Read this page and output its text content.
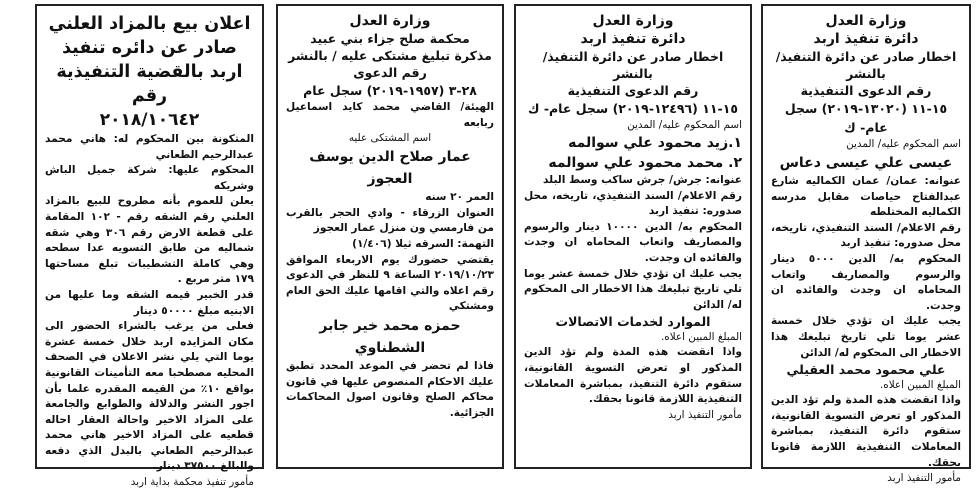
وزارة العدل
دائرة تنفيذ اربد
اخطار صادر عن دائرة التنفيذ/بالنشر
رقم الدعوى التنفيذية
١٥-١١ (١٣٠٢٠-٢٠١٩) سجل عام- ك
اسم المحكوم عليه/ المدين
عيسى علي عيسى دعاس
عنوانه: عمان/ عمان الكماليه شارع عبدالفتاح حياصات مقابل مدرسه الكماليه المختلطه
رقم الاعلام/ السند التنفيذي، تاريخه، محل صدوره: تنفيذ اربد
المحكوم به/ الدين ٥٠٠٠ دينار والرسوم والمصاريف واتعاب المحاماه ان وجدت والفائده ان وجدت.
يجب عليك ان تؤدي خلال خمسة عشر يوما تلي تاريخ تبليغك هذا الاخطار الى المحكوم له/ الدائن
علي محمود محمد العقيلي
المبلغ المبين اعلاه.
واذا انقضت هذه المدة ولم تؤد الدين المذكور او تعرض التسوية القانونية، ستقوم دائرة التنفيذ، بمباشرة المعاملات التنفيذية اللازمة قانونا بحقك.
مأمور التنفيذ اربد
وزارة العدل
دائرة تنفيذ اربد
اخطار صادر عن دائرة التنفيذ/بالنشر
رقم الدعوى التنفيذية
١٥-١١ (١٢٤٩٦-٢٠١٩) سجل عام- ك
اسم المحكوم عليه/ المدين
١.زيد محمود علي سوالمه
٢. محمد محمود علي سوالمه
عنوانه: جرش/ جرش ساكب وسط البلد
رقم الاعلام/ السند التنفيذي، تاريخه، محل صدوره: تنفيذ اربد
المحكوم به/ الدين ١٠٠٠٠ دينار والرسوم والمصاريف واتعاب المحاماه ان وجدت والفائده ان وجدت.
يجب عليك ان تؤدي خلال خمسة عشر يوما تلي تاريخ تبليغك هذا الاخطار الى المحكوم له/ الدائن
الموارد لخدمات الاتصالات
المبلغ المبين اعلاه.
واذا انقضت هذه المدة ولم تؤد الدين المذكور او تعرض التسوية القانونية، ستقوم دائرة التنفيذ، بمباشرة المعاملات التنفيذية اللازمة قانونا بحقك.
مأمور التنفيذ اربد
وزارة العدل
محكمة صلح جزاء بني عبيد
مذكرة تبليغ مشتكى عليه / بالنشر
رقم الدعوى
٢٨-٣ (١٩٥٧-٢٠١٩) سجل عام
الهيئة/ القاضي محمد كايد اسماعيل ربابعه
اسم المشتكى عليه
عمار صلاح الدين يوسف العجوز
العمر ٢٠ سنه
العنوان الزرقاء - وادي الحجر بالقرب من فارمسي ون منزل عمار العجوز
التهمة: السرقه ثيلا (١/٤٠٦)
يقتضي حضورك يوم الاربعاء الموافق ٢٠١٩/١٠/٢٣ الساعة ٩ للنظر في الدعوى رقم اعلاه والتي اقامها عليك الحق العام ومشتكي
حمزه محمد خير جابر الشطناوي
فاذا لم تحضر في الموعد المحدد تطبق عليك الاحكام المنصوص عليها في قانون محاكم الصلح وقانون اصول المحاكمات الجزائية.
اعلان بيع بالمزاد العلني صادر عن دائره تنفيذ اربد بالقضية التنفيذية رقم
٢٠١٨/١٠٦٤٢
المتكونة بين المحكوم له: هاني محمد عبدالرحيم الطعاني
المحكوم عليها: شركة جميل الباش وشريكه
يعلن للعموم بأنه مطروح للبيع بالمزاد العلني رقم الشقه رقم - ١٠٢ المقامة على قطعة الارض رقم ٣٠٦ وهي شقه شماليه من طابق التسويه عدا سطحه وهي كاملة التشطيبات تبلغ مساحتها ١٧٩ متر مربع .
قدر الخبير قيمه الشقه وما عليها من الابنيه مبلغ ٥٠٠٠٠ دينار
فعلى من يرغب بالشراء الحضور الى مكان المزايده اربد خلال خمسة عشرة يوما التي يلي نشر الاعلان في الصحف المحليه مصطحبا معه التأمينات القانونية بواقع ١٠٪ من القيمه المقدره علما بأن اجور النشر والدلالة والطوابع والجامعة على المزاد الاخير واحالة العقار احاله قطعيه على المزاد الاخير هاني محمد عبدالرحيم الطعاني بالبدل الذي دفعه والبالغ ٣٧٥٠٠ دينار.
مأمور تنفيذ محكمة بداية اربد
